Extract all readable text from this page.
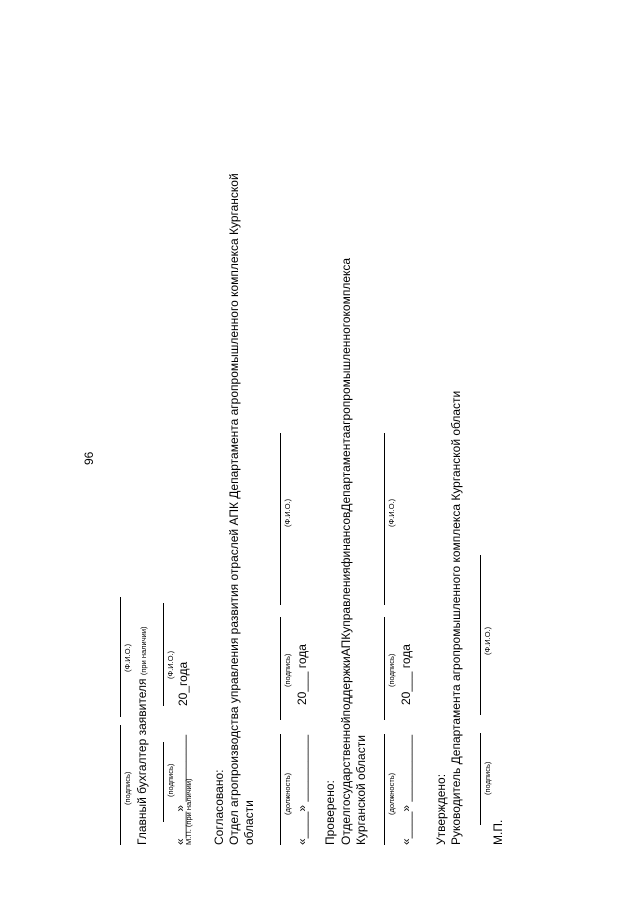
96
(подпись)
(Ф.И.О.)
Главный бухгалтер заявителя (при наличии)
(подпись)
(Ф.И.О.)
«____» __________
20_года
М.П. (при наличии) Согласовано: Отдел агропроизводства управления развития отраслей АПК Департамента агропромышленного комплекса Курганской области
(должность)
(подпись)
(Ф.И.О.)
«____» __________
20___ года
Проверено: Отдел
государственной
поддержки
АПК
управления
финансов
Департамента
агропромышленного
комплекса
Курганской области	(должность)
(подпись)
(Ф.И.О.)
«____» __________
20___ года
Утверждено: Руководитель Департамента агропромышленного комплекса Курганской области	(подпись)
(Ф.И.О.)
М.П.
